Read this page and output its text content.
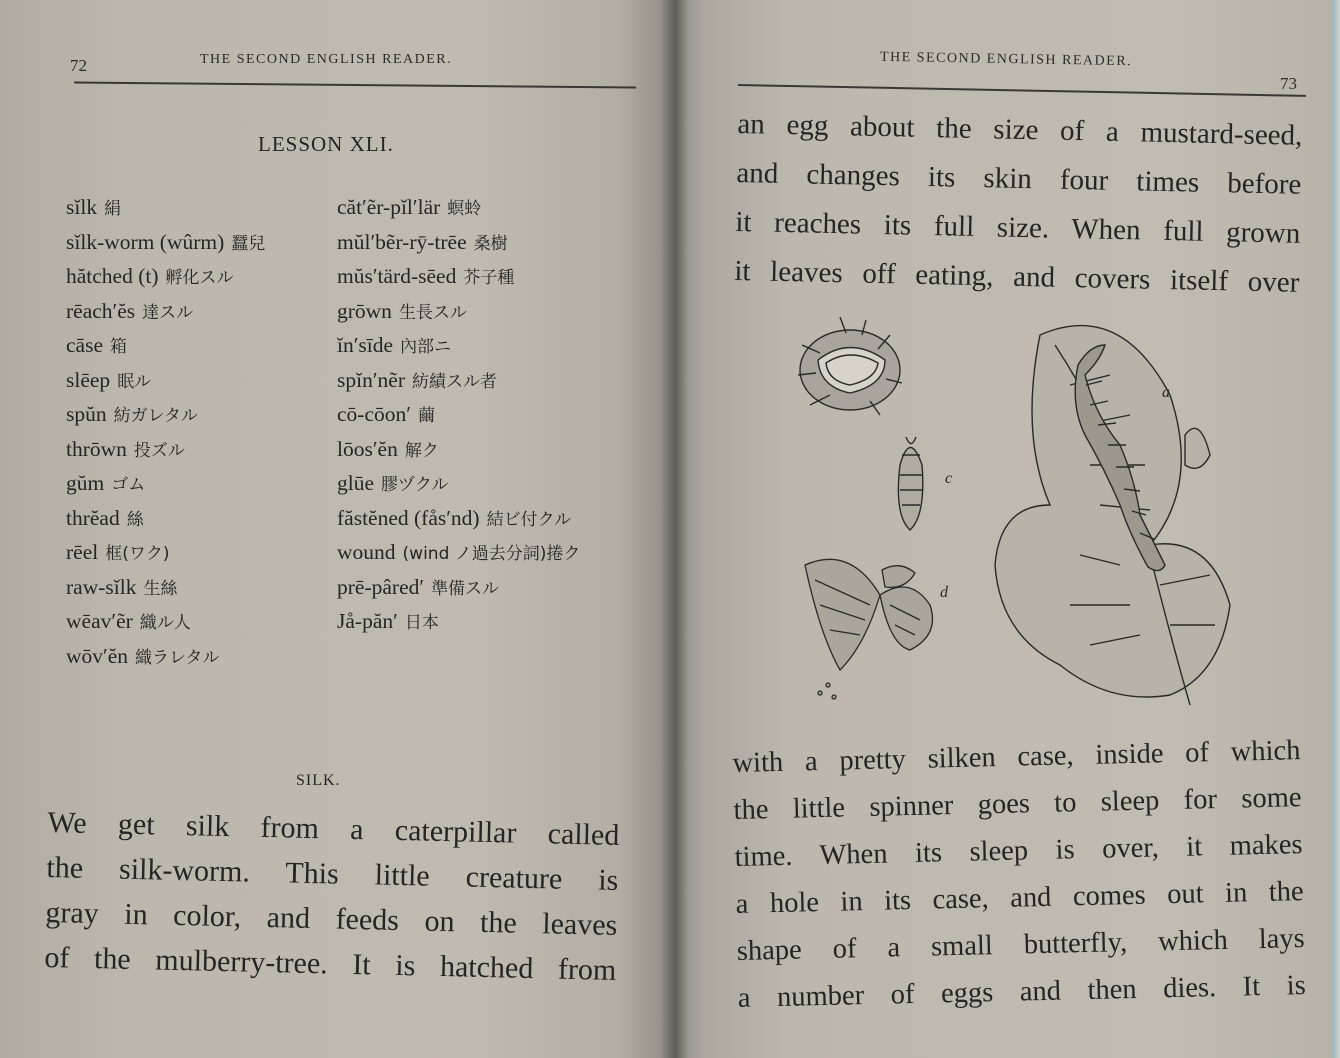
72	THE SECOND ENGLISH READER.
LESSON XLI.
sĭlk 絹
sĭlk-worm (wûrm) 蠶兒
hătched (t) 孵化スル
rēach′ĕs 達スル
cāse 箱
slēep 眠ル
spŭn 紡ガレタル
thrōwn 投ズル
gŭm ゴム
thrĕad 絲
rēel 框(ワク)
raw-sĭlk 生絲
wēav′ẽr 織ル人
wōv′ĕn 織ラレタル
căt′ẽr-pĭl′lär 螟蛉
mŭl′bẽr-rȳ-trēe 桑樹
mŭs′tärd-sēed 芥子種
grōwn 生長スル
ĭn′sīde 內部ニ
spĭn′nẽr 紡績スル者
cō-cōon′ 繭
lōos′ĕn 解ク
glūe 膠ヅクル
făstĕned (fås′nd) 結ビ付クル
wound (wind ノ過去分詞)捲ク
prē-pâred′ 準備スル
Jå-păn′ 日本
SILK.
We get silk from a caterpillar called
the silk-worm. This little creature is
gray in color, and feeds on the leaves
of the mulberry-tree. It is hatched from
THE SECOND ENGLISH READER.
73
an egg about the size of a mustard-seed,
and changes its skin four times before
it reaches its full size. When full grown
it leaves off eating, and covers itself over
c
d
a
with a pretty silken case, inside of which
the little spinner goes to sleep for some
time. When its sleep is over, it makes
a hole in its case, and comes out in the
shape of a small butterfly, which lays
a number of eggs and then dies. It is
